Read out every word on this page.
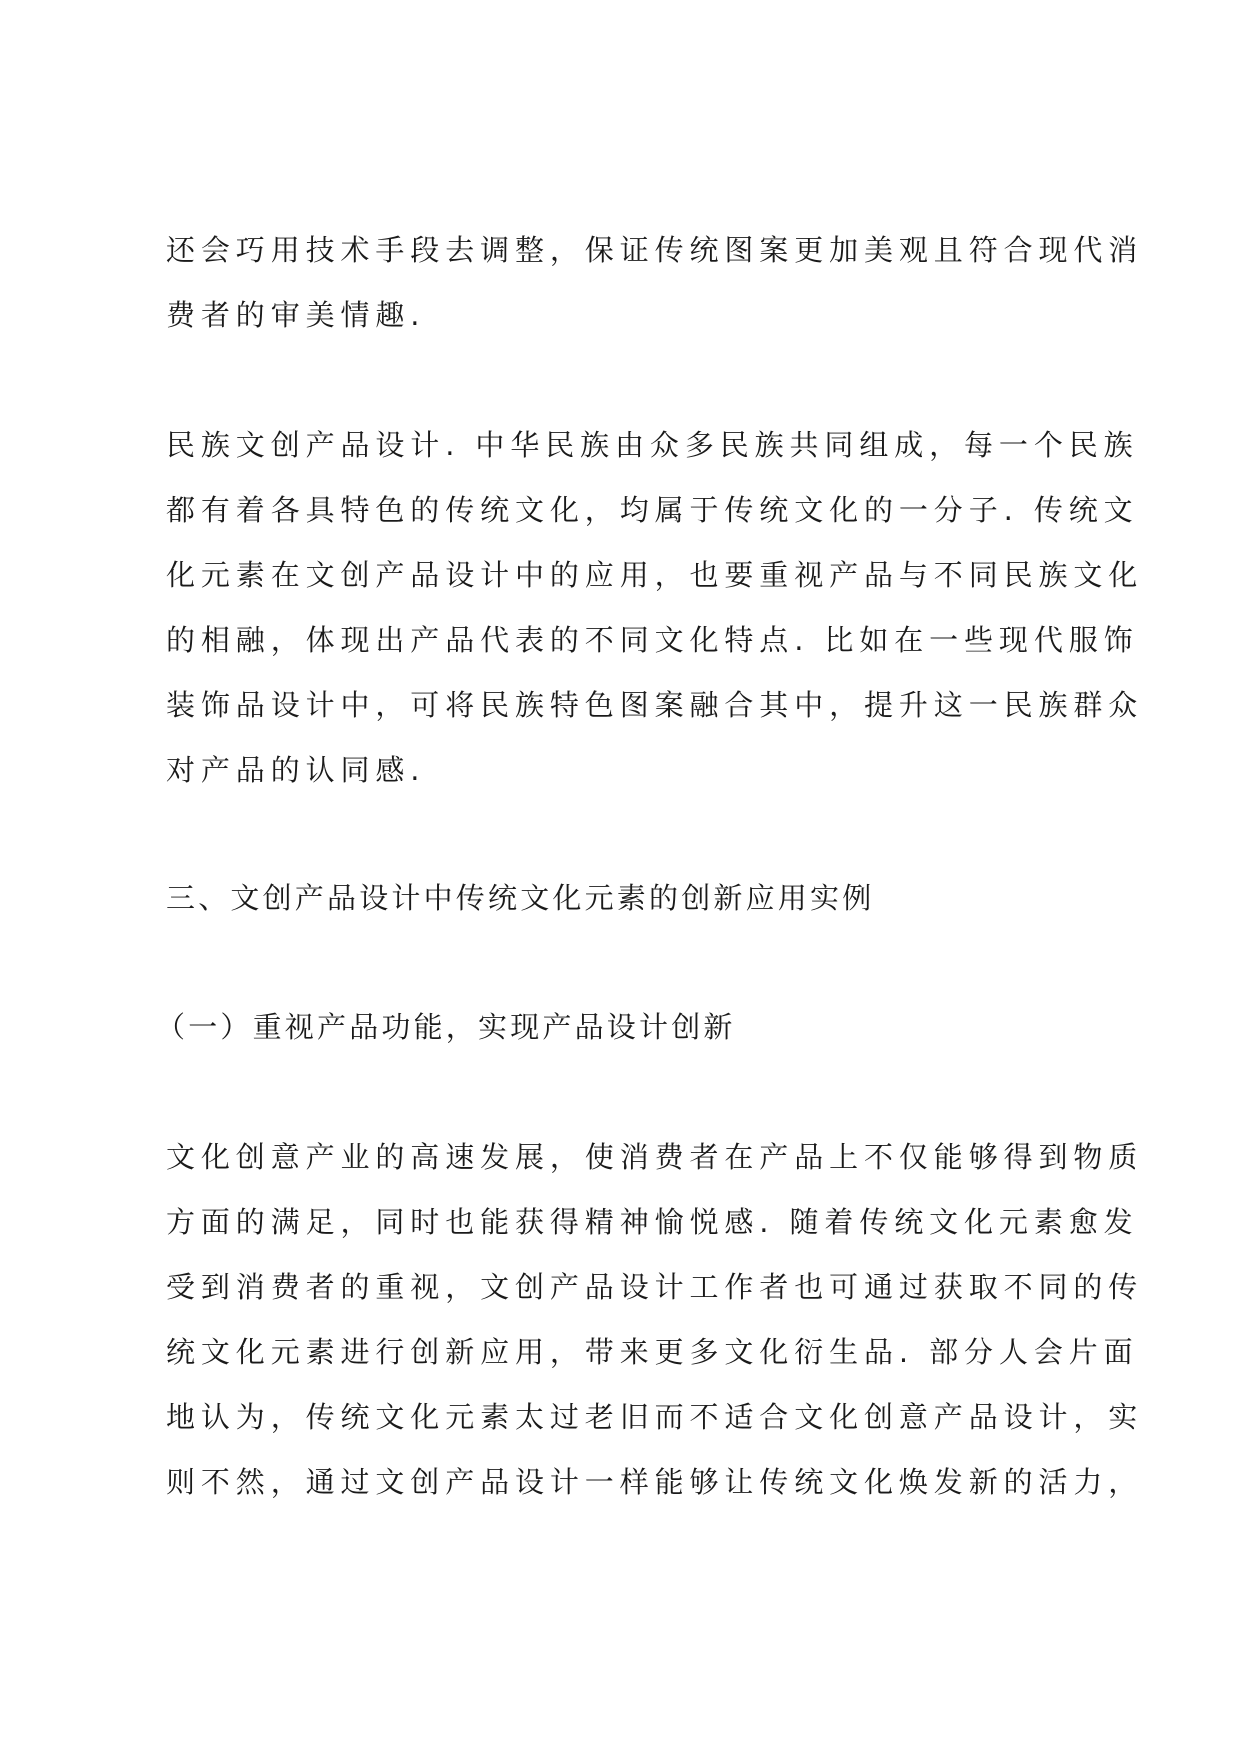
还会巧用技术手段去调整，保证传统图案更加美观且符合现代消
费者的审美情趣.
民族文创产品设计. 中华民族由众多民族共同组成，每一个民族
都有着各具特色的传统文化，均属于传统文化的一分子. 传统文
化元素在文创产品设计中的应用，也要重视产品与不同民族文化
的相融，体现出产品代表的不同文化特点. 比如在一些现代服饰
装饰品设计中，可将民族特色图案融合其中，提升这一民族群众
对产品的认同感.
三、文创产品设计中传统文化元素的创新应用实例
（一）重视产品功能，实现产品设计创新
文化创意产业的高速发展，使消费者在产品上不仅能够得到物质
方面的满足，同时也能获得精神愉悦感. 随着传统文化元素愈发
受到消费者的重视，文创产品设计工作者也可通过获取不同的传
统文化元素进行创新应用，带来更多文化衍生品. 部分人会片面
地认为，传统文化元素太过老旧而不适合文化创意产品设计，实
则不然，通过文创产品设计一样能够让传统文化焕发新的活力，
